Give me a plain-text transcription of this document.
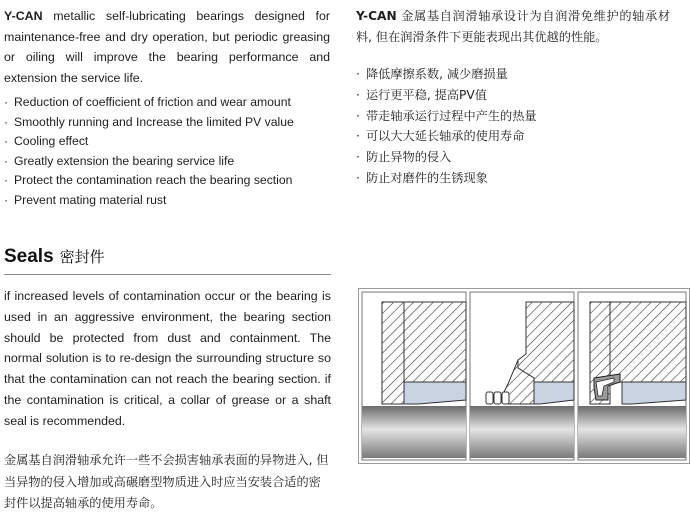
Y-CAN metallic self-lubricating bearings designed for maintenance-free and dry operation, but periodic greasing or oiling will improve the bearing performance and extension the service life.

· Reduction of coefficient of friction and wear amount
· Smoothly running and Increase the limited PV value
· Cooling effect
· Greatly extension the bearing service life
· Protect the contamination reach the bearing section
· Prevent mating material rust

Y-CAN 金属基自润滑轴承设计为自润滑免维护的轴承材料, 但在润滑条件下更能表现出其优越的性能。

· 降低摩擦系数, 减少磨损量
· 运行更平稳, 提高PV值
· 带走轴承运行过程中产生的热量
· 可以大大延长轴承的使用寿命
· 防止异物的侵入
· 防止对磨件的生锈现象
Seals 密封件

if increased levels of contamination occur or the bearing is used in an aggressive environment, the bearing section should be protected from dust and containment. The normal solution is to re-design the surrounding structure so that the contamination can not reach the bearing section. if the contamination is critical, a collar of grease or a shaft seal is recommended.

金属基自润滑轴承允许一些不会损害轴承表面的异物进入, 但当异物的侵入增加或高碾磨型物质进入时应当安装合适的密封件以提高轴承的使用寿命。
